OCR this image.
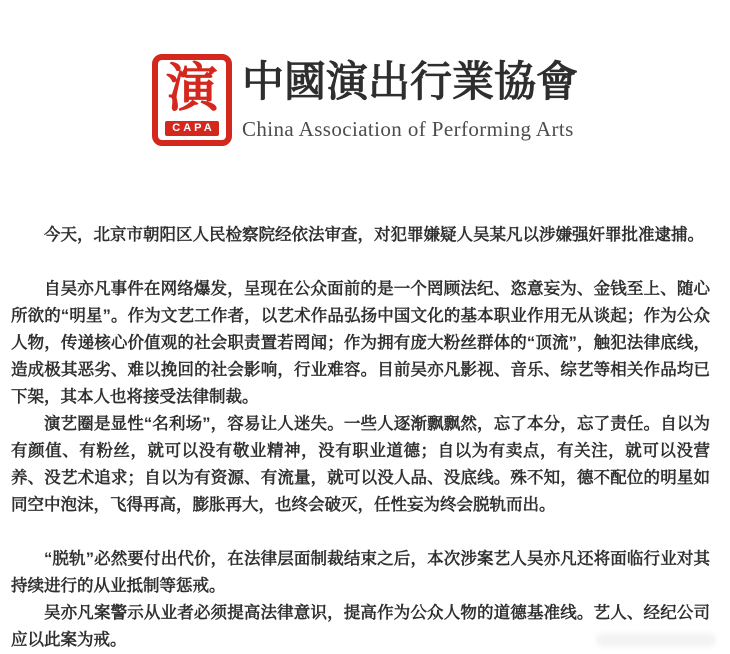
演
CAPA
中國演出行業協會
China Association of Performing Arts

今天，北京市朝阳区人民检察院经依法审查，对犯罪嫌疑人吴某凡以涉嫌强奸罪批准逮捕。

自吴亦凡事件在网络爆发，呈现在公众面前的是一个罔顾法纪、恣意妄为、金钱至上、随心所欲的“明星”。作为文艺工作者，以艺术作品弘扬中国文化的基本职业作用无从谈起；作为公众人物，传递核心价值观的社会职责置若罔闻；作为拥有庞大粉丝群体的“顶流”，触犯法律底线，造成极其恶劣、难以挽回的社会影响，行业难容。目前吴亦凡影视、音乐、综艺等相关作品均已下架，其本人也将接受法律制裁。

演艺圈是显性“名利场”，容易让人迷失。一些人逐渐飘飘然，忘了本分，忘了责任。自以为有颜值、有粉丝，就可以没有敬业精神，没有职业道德；自以为有卖点，有关注，就可以没营养、没艺术追求；自以为有资源、有流量，就可以没人品、没底线。殊不知，德不配位的明星如同空中泡沫，飞得再高，膨胀再大，也终会破灭，任性妄为终会脱轨而出。

“脱轨”必然要付出代价，在法律层面制裁结束之后，本次涉案艺人吴亦凡还将面临行业对其持续进行的从业抵制等惩戒。

吴亦凡案警示从业者必须提高法律意识，提高作为公众人物的道德基准线。艺人、经纪公司应以此案为戒。
